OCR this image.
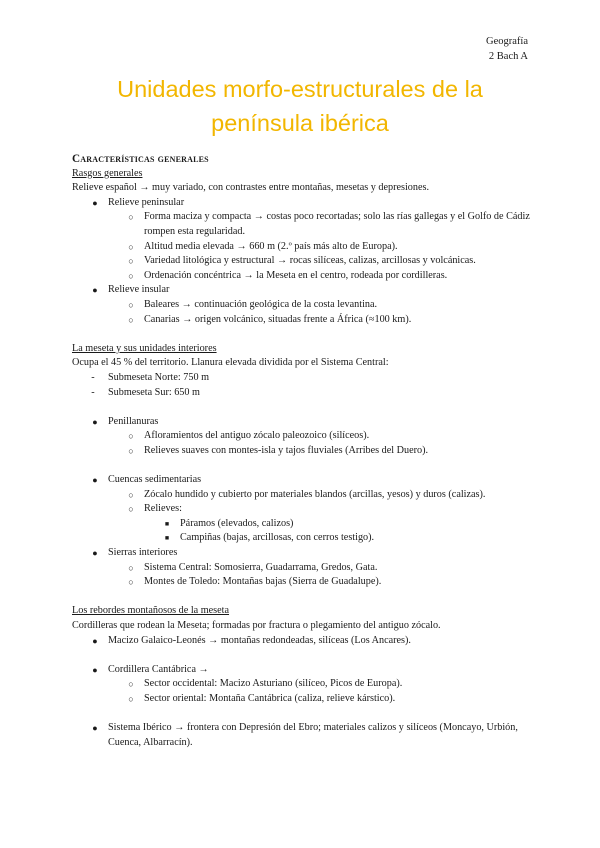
Geografía
2 Bach A
Unidades morfo-estructurales de la
península ibérica
Características generales
Rasgos generales
Relieve español → muy variado, con contrastes entre montañas, mesetas y depresiones.
●	Relieve peninsular
○	Forma maciza y compacta → costas poco recortadas; solo las rías gallegas y el Golfo de Cádiz rompen esta regularidad.
○	Altitud media elevada → 660 m (2.º país más alto de Europa).
○	Variedad litológica y estructural → rocas silíceas, calizas, arcillosas y volcánicas.
○	Ordenación concéntrica → la Meseta en el centro, rodeada por cordilleras.
●	Relieve insular
○	Baleares → continuación geológica de la costa levantina.
○	Canarias → origen volcánico, situadas frente a África (≈100 km).
La meseta y sus unidades interiores
Ocupa el 45 % del territorio. Llanura elevada dividida por el Sistema Central:
-	Submeseta Norte: 750 m
-	Submeseta Sur: 650 m
●	Penillanuras
○	Afloramientos del antiguo zócalo paleozoico (silíceos).
○	Relieves suaves con montes-isla y tajos fluviales (Arribes del Duero).
●	Cuencas sedimentarias
○	Zócalo hundido y cubierto por materiales blandos (arcillas, yesos) y duros (calizas).
○	Relieves:
■	Páramos (elevados, calizos)
■	Campiñas (bajas, arcillosas, con cerros testigo).
●	Sierras interiores
○	Sistema Central: Somosierra, Guadarrama, Gredos, Gata.
○	Montes de Toledo: Montañas bajas (Sierra de Guadalupe).
Los rebordes montañosos de la meseta
Cordilleras que rodean la Meseta; formadas por fractura o plegamiento del antiguo zócalo.
●	Macizo Galaico-Leonés → montañas redondeadas, silíceas (Los Ancares).
●	Cordillera Cantábrica →
○	Sector occidental: Macizo Asturiano (silíceo, Picos de Europa).
○	Sector oriental: Montaña Cantábrica (caliza, relieve kárstico).
●	Sistema Ibérico → frontera con Depresión del Ebro; materiales calizos y silíceos (Moncayo, Urbión, Cuenca, Albarracín).
